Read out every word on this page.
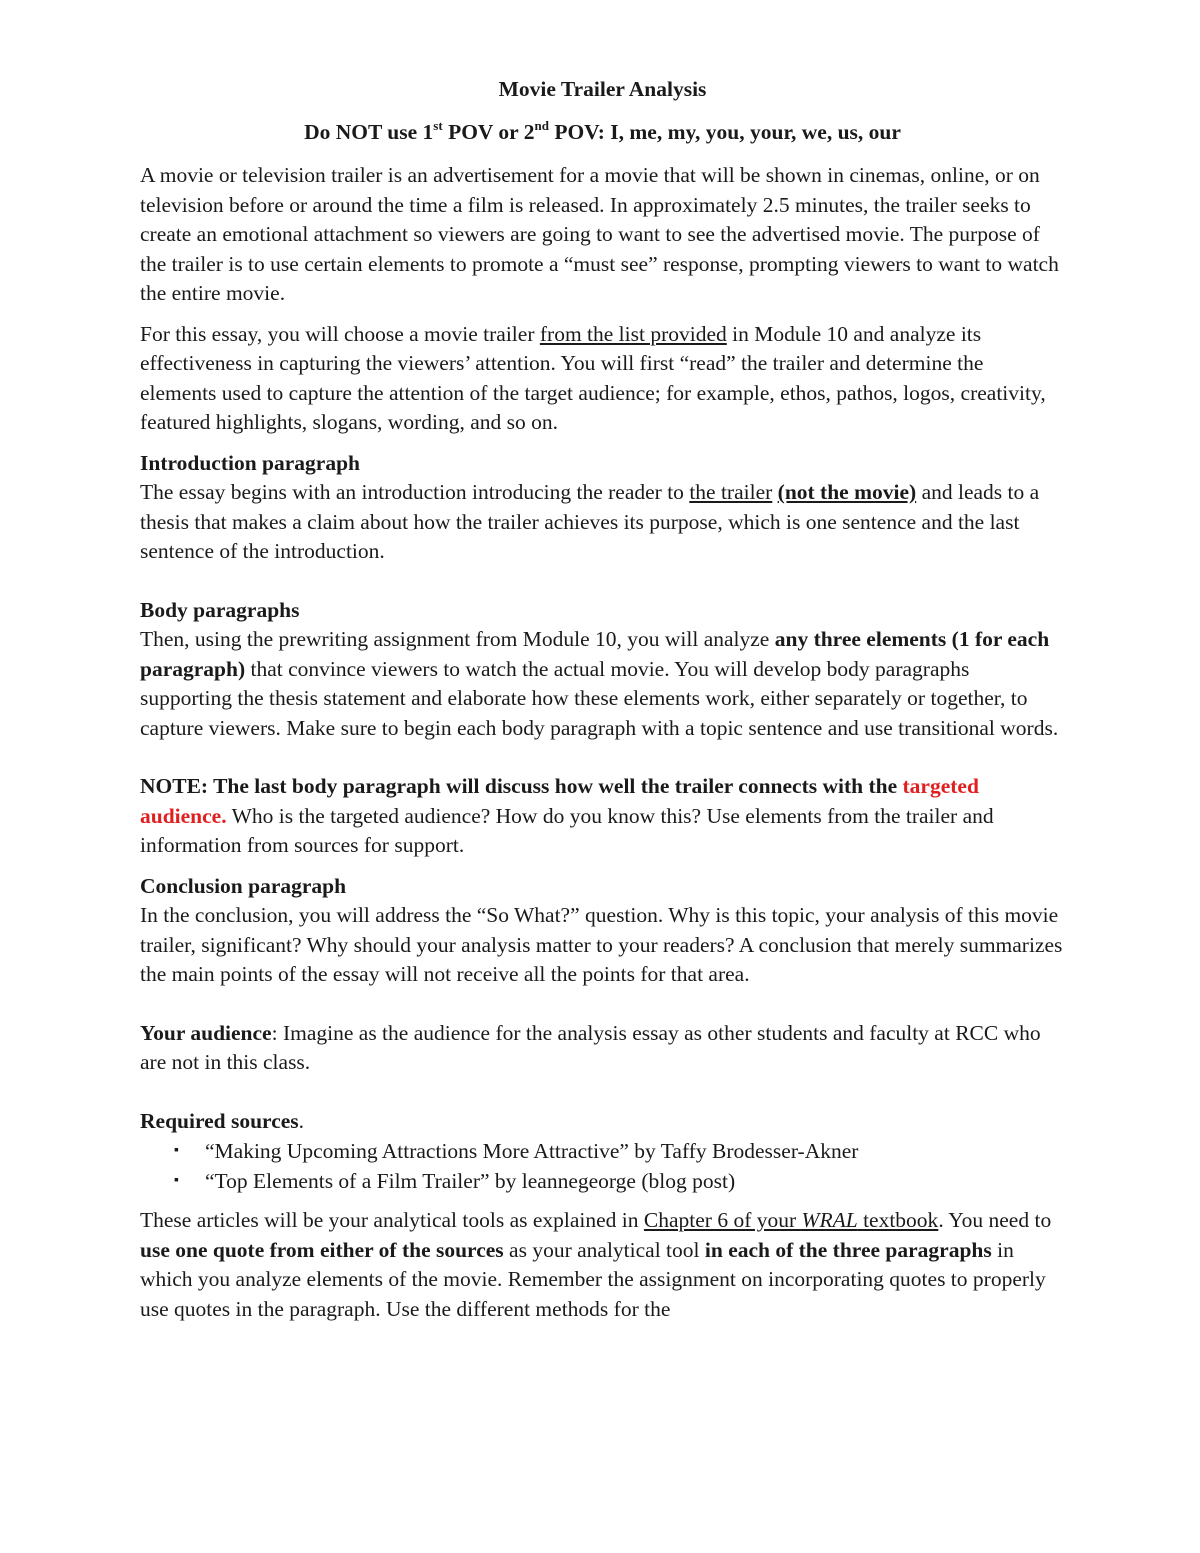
Movie Trailer Analysis

Do NOT use 1st POV or 2nd POV: I, me, my, you, your, we, us, our

A movie or television trailer is an advertisement for a movie that will be shown in cinemas, online, or on television before or around the time a film is released. In approximately 2.5 minutes, the trailer seeks to create an emotional attachment so viewers are going to want to see the advertised movie. The purpose of the trailer is to use certain elements to promote a “must see” response, prompting viewers to want to watch the entire movie.

For this essay, you will choose a movie trailer from the list provided in Module 10 and analyze its effectiveness in capturing the viewers’ attention. You will first “read” the trailer and determine the elements used to capture the attention of the target audience; for example, ethos, pathos, logos, creativity, featured highlights, slogans, wording, and so on.

Introduction paragraph

The essay begins with an introduction introducing the reader to the trailer (not the movie) and leads to a thesis that makes a claim about how the trailer achieves its purpose, which is one sentence and the last sentence of the introduction.

Body paragraphs

Then, using the prewriting assignment from Module 10, you will analyze any three elements (1 for each paragraph) that convince viewers to watch the actual movie. You will develop body paragraphs supporting the thesis statement and elaborate how these elements work, either separately or together, to capture viewers. Make sure to begin each body paragraph with a topic sentence and use transitional words.

NOTE: The last body paragraph will discuss how well the trailer connects with the targeted audience. Who is the targeted audience? How do you know this? Use elements from the trailer and information from sources for support.

Conclusion paragraph

In the conclusion, you will address the “So What?” question. Why is this topic, your analysis of this movie trailer, significant? Why should your analysis matter to your readers? A conclusion that merely summarizes the main points of the essay will not receive all the points for that area.

Your audience: Imagine as the audience for the analysis essay as other students and faculty at RCC who are not in this class.

Required sources.

▪ “Making Upcoming Attractions More Attractive” by Taffy Brodesser-Akner
▪ “Top Elements of a Film Trailer” by leannegeorge (blog post)

These articles will be your analytical tools as explained in Chapter 6 of your WRAL textbook. You need to use one quote from either of the sources as your analytical tool in each of the three paragraphs in which you analyze elements of the movie. Remember the assignment on incorporating quotes to properly use quotes in the paragraph. Use the different methods for the
